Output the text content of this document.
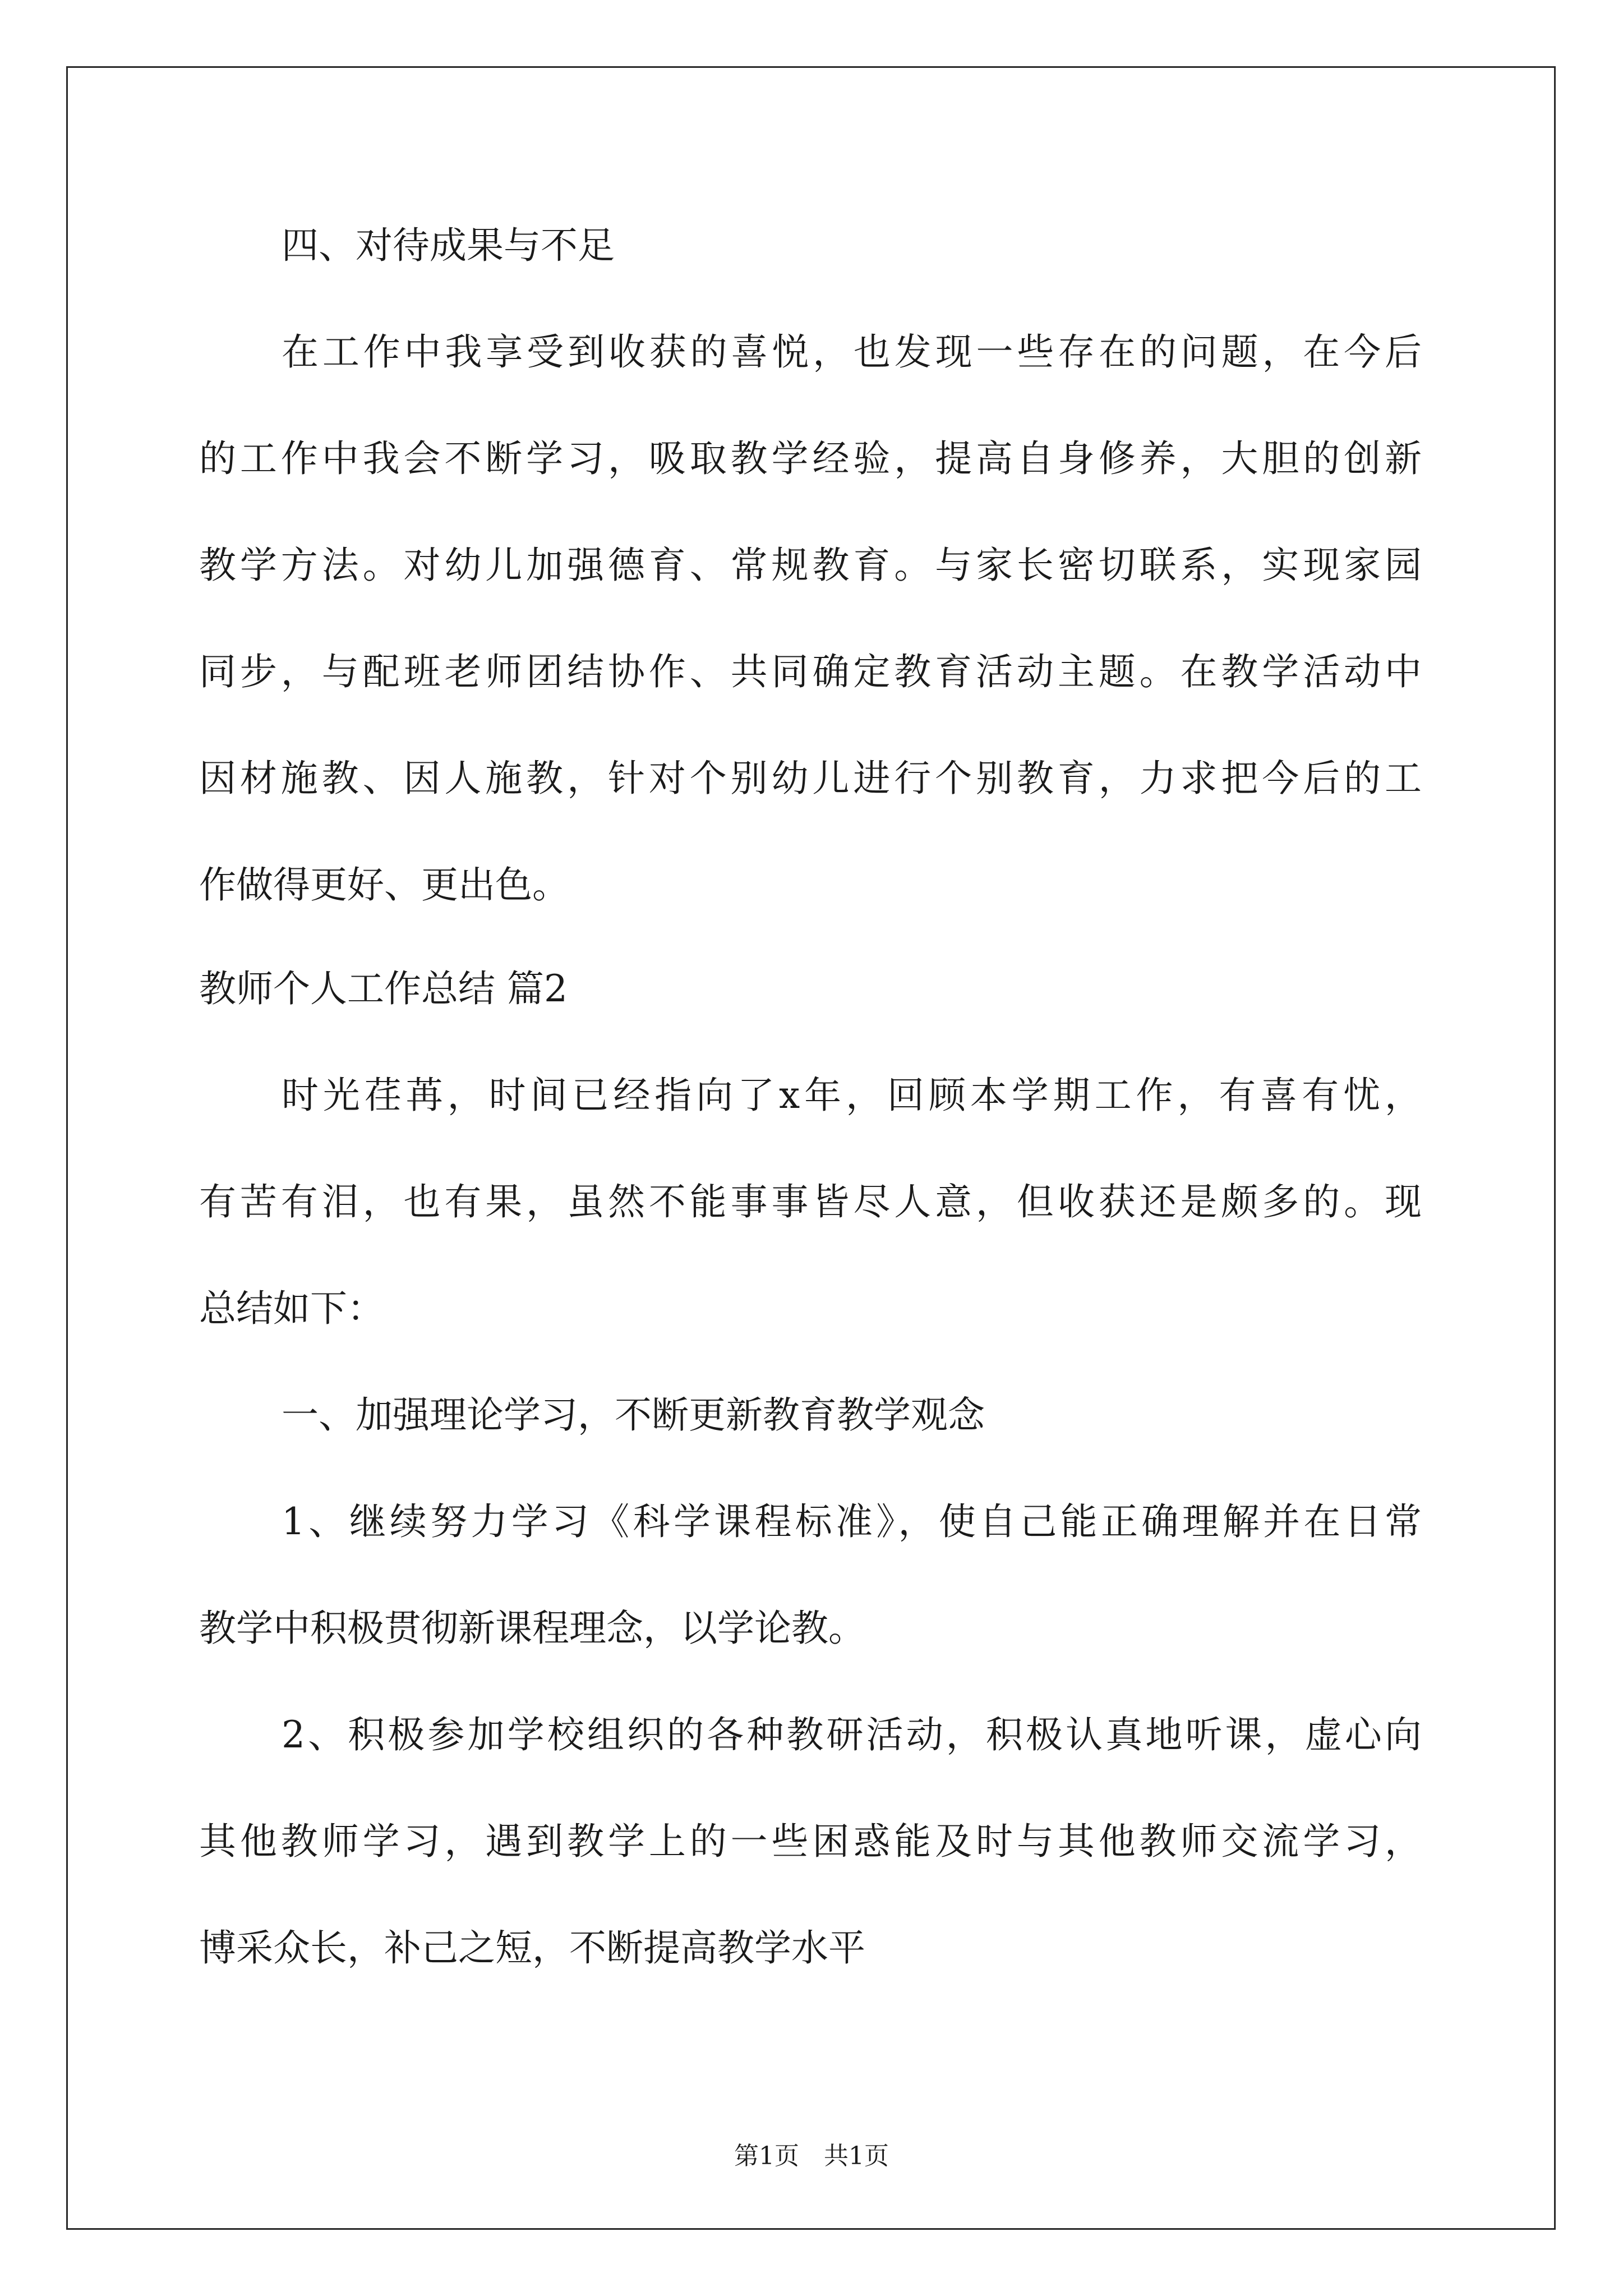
四、对待成果与不足
在工作中我享受到收获的喜悦，也发现一些存在的问题，在今后
的工作中我会不断学习，吸取教学经验，提高自身修养，大胆的创新
教学方法。对幼儿加强德育、常规教育。与家长密切联系，实现家园
同步，与配班老师团结协作、共同确定教育活动主题。在教学活动中
因材施教、因人施教，针对个别幼儿进行个别教育，力求把今后的工
作做得更好、更出色。
教师个人工作总结 篇2
时光荏苒，时间已经指向了x年，回顾本学期工作，有喜有忧，
有苦有泪，也有果，虽然不能事事皆尽人意，但收获还是颇多的。现
总结如下：
一、加强理论学习，不断更新教育教学观念
1、继续努力学习《科学课程标准》，使自己能正确理解并在日常
教学中积极贯彻新课程理念，以学论教。
2、积极参加学校组织的各种教研活动，积极认真地听课，虚心向
其他教师学习，遇到教学上的一些困惑能及时与其他教师交流学习，
博采众长，补己之短，不断提高教学水平
第1页 共1页
